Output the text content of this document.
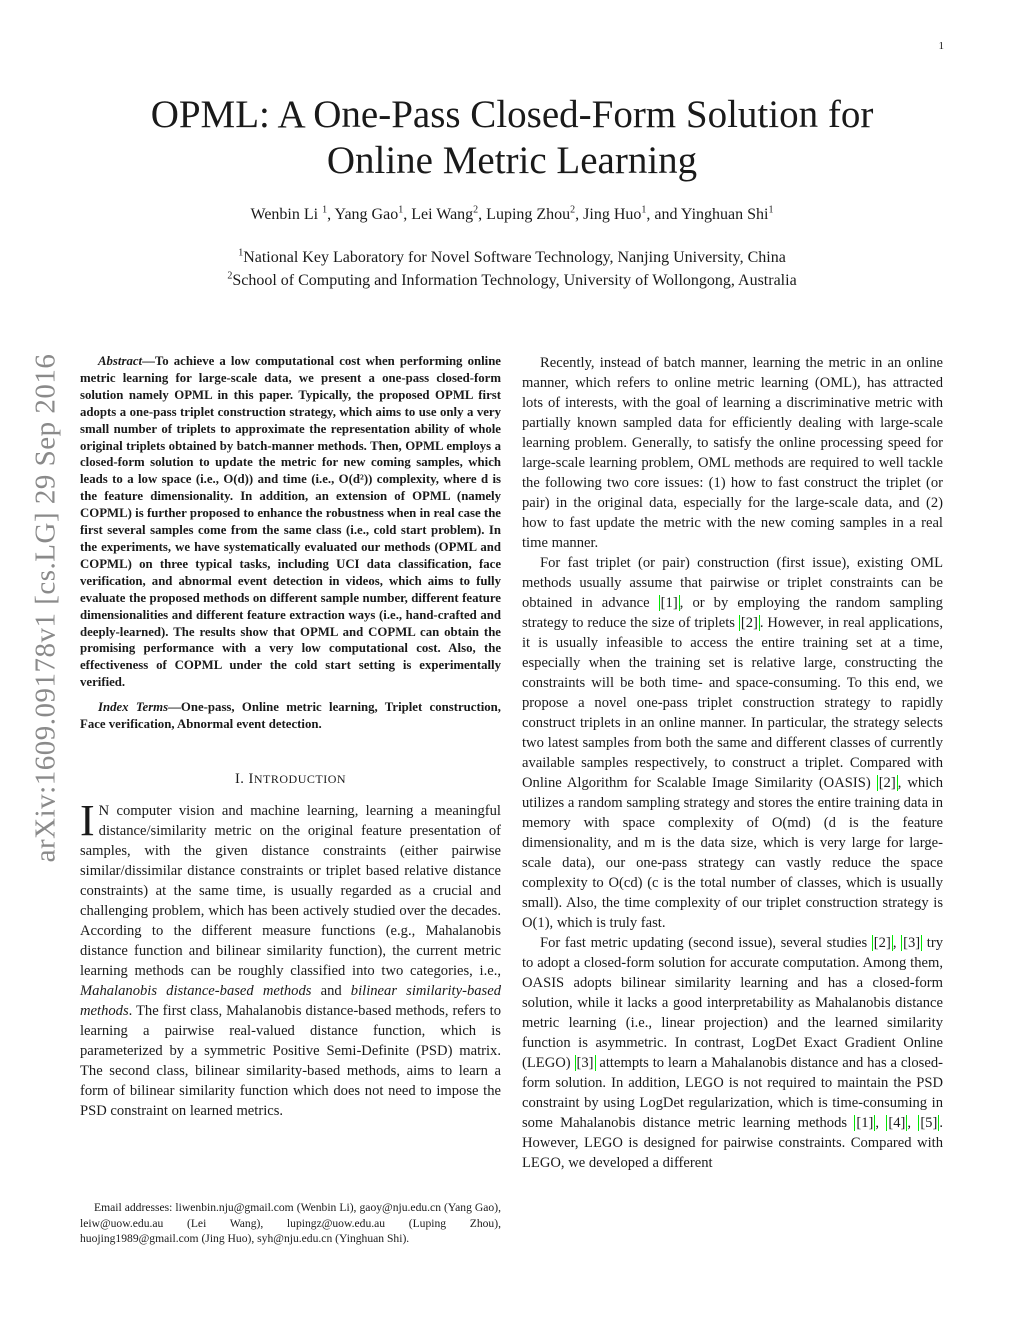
1
OPML: A One-Pass Closed-Form Solution for
Online Metric Learning
Wenbin Li $^1$, Yang Gao$^1$, Lei Wang$^2$, Luping Zhou$^2$, Jing Huo$^1$, and Yinghuan Shi$^1$
$^1$National Key Laboratory for Novel Software Technology, Nanjing University, China
$^2$School of Computing and Information Technology, University of Wollongong, Australia
arXiv:1609.09178v1 [cs.LG] 29 Sep 2016	Abstract—To achieve a low computational cost when performing online metric learning for large-scale data, we present a one-pass closed-form solution namely OPML in this paper. Typically, the proposed OPML first adopts a one-pass triplet construction strategy, which aims to use only a very small number of triplets to approximate the representation ability of whole original triplets obtained by batch-manner methods. Then, OPML employs a closed-form solution to update the metric for new coming samples, which leads to a low space (i.e., O(d)) and time (i.e., O(d²)) complexity, where d is the feature dimensionality. In addition, an extension of OPML (namely COPML) is further proposed to enhance the robustness when in real case the first several samples come from the same class (i.e., cold start problem). In the experiments, we have systematically evaluated our methods (OPML and COPML) on three typical tasks, including UCI data classification, face verification, and abnormal event detection in videos, which aims to fully evaluate the proposed methods on different sample number, different feature dimensionalities and different feature extraction ways (i.e., hand-crafted and deeply-learned). The results show that OPML and COPML can obtain the promising performance with a very low computational cost. Also, the effectiveness of COPML under the cold start setting is experimentally verified.

Index Terms—One-pass, Online metric learning, Triplet construction, Face verification, Abnormal event detection.

I. INTRODUCTION

I N computer vision and machine learning, learning a meaningful distance/similarity metric on the original feature presentation of samples, with the given distance constraints (either pairwise similar/dissimilar distance constraints or triplet based relative distance constraints) at the same time, is usually regarded as a crucial and challenging problem, which has been actively studied over the decades. According to the different measure functions (e.g., Mahalanobis distance function and bilinear similarity function), the current metric learning methods can be roughly classified into two categories, i.e., Mahalanobis distance-based methods and bilinear similarity-based methods. The first class, Mahalanobis distance-based methods, refers to learning a pairwise real-valued distance function, which is parameterized by a symmetric Positive Semi-Definite (PSD) matrix. The second class, bilinear similarity-based methods, aims to learn a form of bilinear similarity function which does not need to impose the PSD constraint on learned metrics.

Email addresses: liwenbin.nju@gmail.com (Wenbin Li), gaoy@nju.edu.cn (Yang Gao), leiw@uow.edu.au (Lei Wang), lupingz@uow.edu.au (Luping Zhou), huojing1989@gmail.com (Jing Huo), syh@nju.edu.cn (Yinghuan Shi).

Recently, instead of batch manner, learning the metric in an online manner, which refers to online metric learning (OML), has attracted lots of interests, with the goal of learning a discriminative metric with partially known sampled data for efficiently dealing with large-scale learning problem. Generally, to satisfy the online processing speed for large-scale learning problem, OML methods are required to well tackle the following two core issues: (1) how to fast construct the triplet (or pair) in the original data, especially for the large-scale data, and (2) how to fast update the metric with the new coming samples in a real time manner.

For fast triplet (or pair) construction (first issue), existing OML methods usually assume that pairwise or triplet constraints can be obtained in advance [1] , or by employing the random sampling strategy to reduce the size of triplets [2] . However, in real applications, it is usually infeasible to access the entire training set at a time, especially when the training set is relative large, constructing the constraints will be both time- and space-consuming. To this end, we propose a novel one-pass triplet construction strategy to rapidly construct triplets in an online manner. In particular, the strategy selects two latest samples from both the same and different classes of currently available samples respectively, to construct a triplet. Compared with Online Algorithm for Scalable Image Similarity (OASIS) [2] , which utilizes a random sampling strategy and stores the entire training data in memory with space complexity of O(md) (d is the feature dimensionality, and m is the data size, which is very large for large-scale data), our one-pass strategy can vastly reduce the space complexity to O(cd) (c is the total number of classes, which is usually small). Also, the time complexity of our triplet construction strategy is O(1), which is truly fast.

For fast metric updating (second issue), several studies [2] , [3] try to adopt a closed-form solution for accurate computation. Among them, OASIS adopts bilinear similarity learning and has a closed-form solution, while it lacks a good interpretability as Mahalanobis distance metric learning (i.e., linear projection) and the learned similarity function is asymmetric. In contrast, LogDet Exact Gradient Online (LEGO) [3] attempts to learn a Mahalanobis distance and has a closed-form solution. In addition, LEGO is not required to maintain the PSD constraint by using LogDet regularization, which is time-consuming in some Mahalanobis distance metric learning methods [1] , [4] , [5] . However, LEGO is designed for pairwise constraints. Compared with LEGO, we developed a different
